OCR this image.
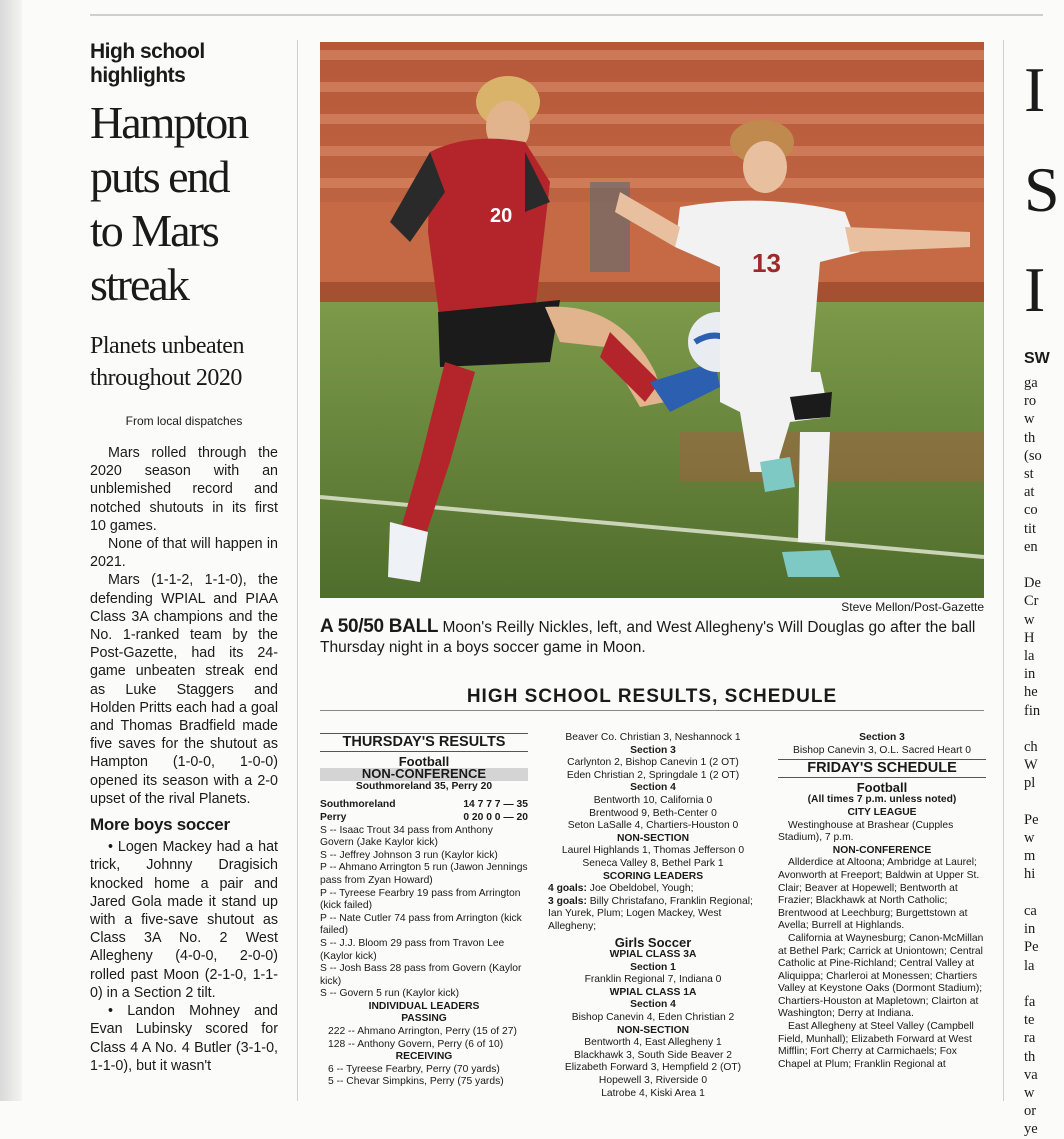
High school highlights
Hampton
puts end
to Mars
streak
Planets unbeaten
throughout 2020
From local dispatches

Mars rolled through the 2020 season with an unblemished record and notched shutouts in its first 10 games.

None of that will happen in 2021.

Mars (1-1-2, 1-1-0), the defending WPIAL and PIAA Class 3A champions and the No. 1-ranked team by the Post-Gazette, had its 24-game unbeaten streak end as Luke Staggers and Holden Pritts each had a goal and Thomas Bradfield made five saves for the shutout as Hampton (1-0-0, 1-0-0) opened its season with a 2-0 upset of the rival Planets.

More boys soccer

• Logen Mackey had a hat trick, Johnny Dragisich knocked home a pair and Jared Gola made it stand up with a five-save shutout as Class 3A No. 2 West Allegheny (4-0-0, 2-0-0) rolled past Moon (2-1-0, 1-1-0) in a Section 2 tilt.

• Landon Mohney and Evan Lubinsky scored for Class 4 A No. 4 Butler (3-1-0, 1-1-0), but it wasn't

20
13
Steve Mellon/Post-Gazette
A 50/50 BALL Moon's Reilly Nickles, left, and West Allegheny's Will Douglas go after the ball Thursday night in a boys soccer game in Moon.
HIGH SCHOOL RESULTS, SCHEDULE
THURSDAY'S RESULTS
Football
NON-CONFERENCE
Southmoreland 35, Perry 20
Southmoreland	14 7 7 7 — 35
Perry	0 20 0 0 — 20
S -- Isaac Trout 34 pass from Anthony Govern (Jake Kaylor kick)
S -- Jeffrey Johnson 3 run (Kaylor kick)
P -- Ahmano Arrington 5 run (Jawon Jennings pass from Zyan Howard)
P -- Tyreese Fearbry 19 pass from Arrington (kick failed)
P -- Nate Cutler 74 pass from Arrington (kick failed)
S -- J.J. Bloom 29 pass from Travon Lee (Kaylor kick)
S -- Josh Bass 28 pass from Govern (Kaylor kick)
S -- Govern 5 run (Kaylor kick)
INDIVIDUAL LEADERS
PASSING
222 -- Ahmano Arrington, Perry (15 of 27)
128 -- Anthony Govern, Perry (6 of 10)
RECEIVING
6 -- Tyreese Fearbry, Perry (70 yards)
5 -- Chevar Simpkins, Perry (75 yards)
Beaver Co. Christian 3, Neshannock 1
Section 3
Carlynton 2, Bishop Canevin 1 (2 OT)
Eden Christian 2, Springdale 1 (2 OT)
Section 4
Bentworth 10, California 0
Brentwood 9, Beth-Center 0
Seton LaSalle 4, Chartiers-Houston 0
NON-SECTION
Laurel Highlands 1, Thomas Jefferson 0
Seneca Valley 8, Bethel Park 1
SCORING LEADERS
4 goals: Joe Obeldobel, Yough;
3 goals: Billy Christafano, Franklin Regional; Ian Yurek, Plum; Logen Mackey, West Allegheny;
Girls Soccer
WPIAL CLASS 3A
Section 1
Franklin Regional 7, Indiana 0
WPIAL CLASS 1A
Section 4
Bishop Canevin 4, Eden Christian 2
NON-SECTION
Bentworth 4, East Allegheny 1
Blackhawk 3, South Side Beaver 2
Elizabeth Forward 3, Hempfield 2 (OT)
Hopewell 3, Riverside 0
Latrobe 4, Kiski Area 1
Section 3
Bishop Canevin 3, O.L. Sacred Heart 0
FRIDAY'S SCHEDULE
Football
(All times 7 p.m. unless noted)
CITY LEAGUE
Westinghouse at Brashear (Cupples Stadium), 7 p.m.
NON-CONFERENCE
Allderdice at Altoona; Ambridge at Laurel; Avonworth at Freeport; Baldwin at Upper St. Clair; Beaver at Hopewell; Bentworth at Frazier; Blackhawk at North Catholic; Brentwood at Leechburg; Burgettstown at Avella; Burrell at Highlands.
California at Waynesburg; Canon-McMillan at Bethel Park; Carrick at Uniontown; Central Catholic at Pine-Richland; Central Valley at Aliquippa; Charleroi at Monessen; Chartiers Valley at Keystone Oaks (Dormont Stadium); Chartiers-Houston at Mapletown; Clairton at Washington; Derry at Indiana.
East Allegheny at Steel Valley (Campbell Field, Munhall); Elizabeth Forward at West Mifflin; Fort Cherry at Carmichaels; Fox Chapel at Plum; Franklin Regional at
I
S
I
SW
ga
ro
w
th
(so
st
at
co
tit
en

De
Cr
w
H
la
in
he
fin

ch
W
pl

Pe
w
m
hi

ca
in
Pe
la

fa
te
ra
th
va
w
or
ye
